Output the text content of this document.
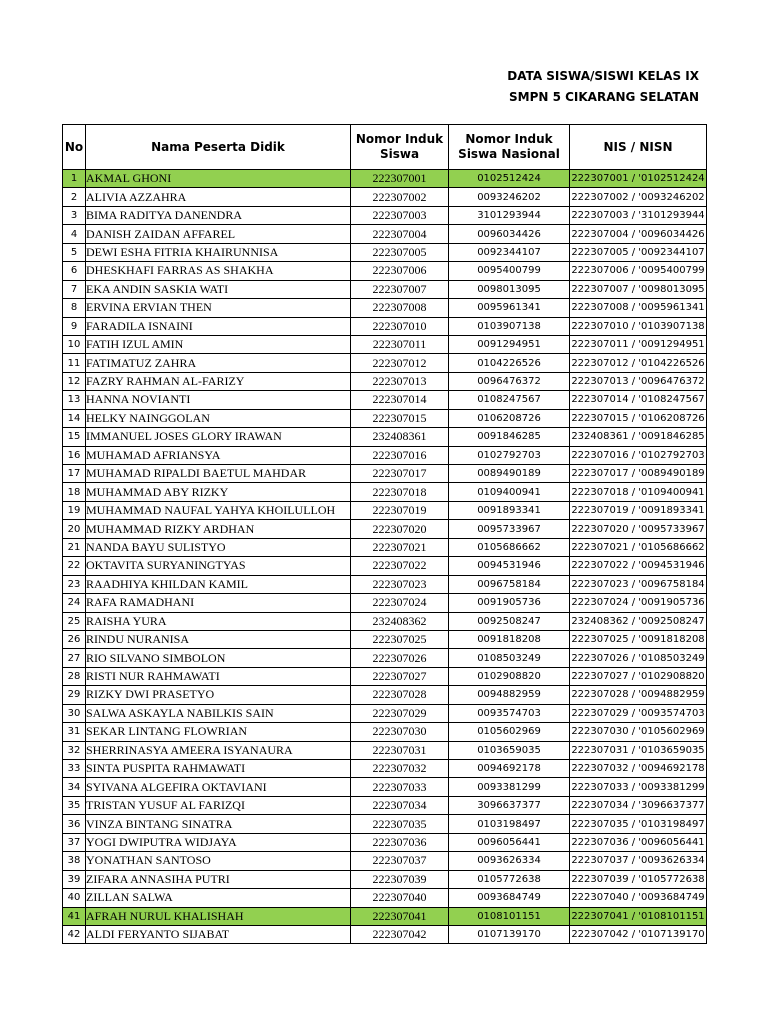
DATA SISWA/SISWI KELAS IX
SMPN 5 CIKARANG SELATAN
No	Nama Peserta Didik	Nomor Induk Siswa	Nomor Induk Siswa Nasional	NIS / NISN
1	AKMAL GHONI	222307001	0102512424	222307001 / '0102512424
2	ALIVIA AZZAHRA	222307002	0093246202	222307002 / '0093246202
3	BIMA RADITYA DANENDRA	222307003	3101293944	222307003 / '3101293944
4	DANISH ZAIDAN AFFAREL	222307004	0096034426	222307004 / '0096034426
5	DEWI ESHA FITRIA KHAIRUNNISA	222307005	0092344107	222307005 / '0092344107
6	DHESKHAFI FARRAS AS SHAKHA	222307006	0095400799	222307006 / '0095400799
7	EKA ANDIN SASKIA WATI	222307007	0098013095	222307007 / '0098013095
8	ERVINA ERVIAN THEN	222307008	0095961341	222307008 / '0095961341
9	FARADILA ISNAINI	222307010	0103907138	222307010 / '0103907138
10	FATIH IZUL AMIN	222307011	0091294951	222307011 / '0091294951
11	FATIMATUZ ZAHRA	222307012	0104226526	222307012 / '0104226526
12	FAZRY RAHMAN AL-FARIZY	222307013	0096476372	222307013 / '0096476372
13	HANNA NOVIANTI	222307014	0108247567	222307014 / '0108247567
14	HELKY NAINGGOLAN	222307015	0106208726	222307015 / '0106208726
15	IMMANUEL JOSES GLORY IRAWAN	232408361	0091846285	232408361 / '0091846285
16	MUHAMAD AFRIANSYA	222307016	0102792703	222307016 / '0102792703
17	MUHAMAD RIPALDI BAETUL MAHDAR	222307017	0089490189	222307017 / '0089490189
18	MUHAMMAD ABY RIZKY	222307018	0109400941	222307018 / '0109400941
19	MUHAMMAD NAUFAL YAHYA KHOILULLOH	222307019	0091893341	222307019 / '0091893341
20	MUHAMMAD RIZKY ARDHAN	222307020	0095733967	222307020 / '0095733967
21	NANDA BAYU SULISTYO	222307021	0105686662	222307021 / '0105686662
22	OKTAVITA SURYANINGTYAS	222307022	0094531946	222307022 / '0094531946
23	RAADHIYA KHILDAN KAMIL	222307023	0096758184	222307023 / '0096758184
24	RAFA RAMADHANI	222307024	0091905736	222307024 / '0091905736
25	RAISHA YURA	232408362	0092508247	232408362 / '0092508247
26	RINDU NURANISA	222307025	0091818208	222307025 / '0091818208
27	RIO SILVANO SIMBOLON	222307026	0108503249	222307026 / '0108503249
28	RISTI NUR RAHMAWATI	222307027	0102908820	222307027 / '0102908820
29	RIZKY DWI PRASETYO	222307028	0094882959	222307028 / '0094882959
30	SALWA ASKAYLA NABILKIS SAIN	222307029	0093574703	222307029 / '0093574703
31	SEKAR LINTANG FLOWRIAN	222307030	0105602969	222307030 / '0105602969
32	SHERRINASYA AMEERA ISYANAURA	222307031	0103659035	222307031 / '0103659035
33	SINTA PUSPITA RAHMAWATI	222307032	0094692178	222307032 / '0094692178
34	SYIVANA ALGEFIRA OKTAVIANI	222307033	0093381299	222307033 / '0093381299
35	TRISTAN YUSUF AL FARIZQI	222307034	3096637377	222307034 / '3096637377
36	VINZA BINTANG SINATRA	222307035	0103198497	222307035 / '0103198497
37	YOGI DWIPUTRA WIDJAYA	222307036	0096056441	222307036 / '0096056441
38	YONATHAN SANTOSO	222307037	0093626334	222307037 / '0093626334
39	ZIFARA ANNASIHA PUTRI	222307039	0105772638	222307039 / '0105772638
40	ZILLAN SALWA	222307040	0093684749	222307040 / '0093684749
41	AFRAH NURUL KHALISHAH	222307041	0108101151	222307041 / '0108101151
42	ALDI FERYANTO SIJABAT	222307042	0107139170	222307042 / '0107139170
